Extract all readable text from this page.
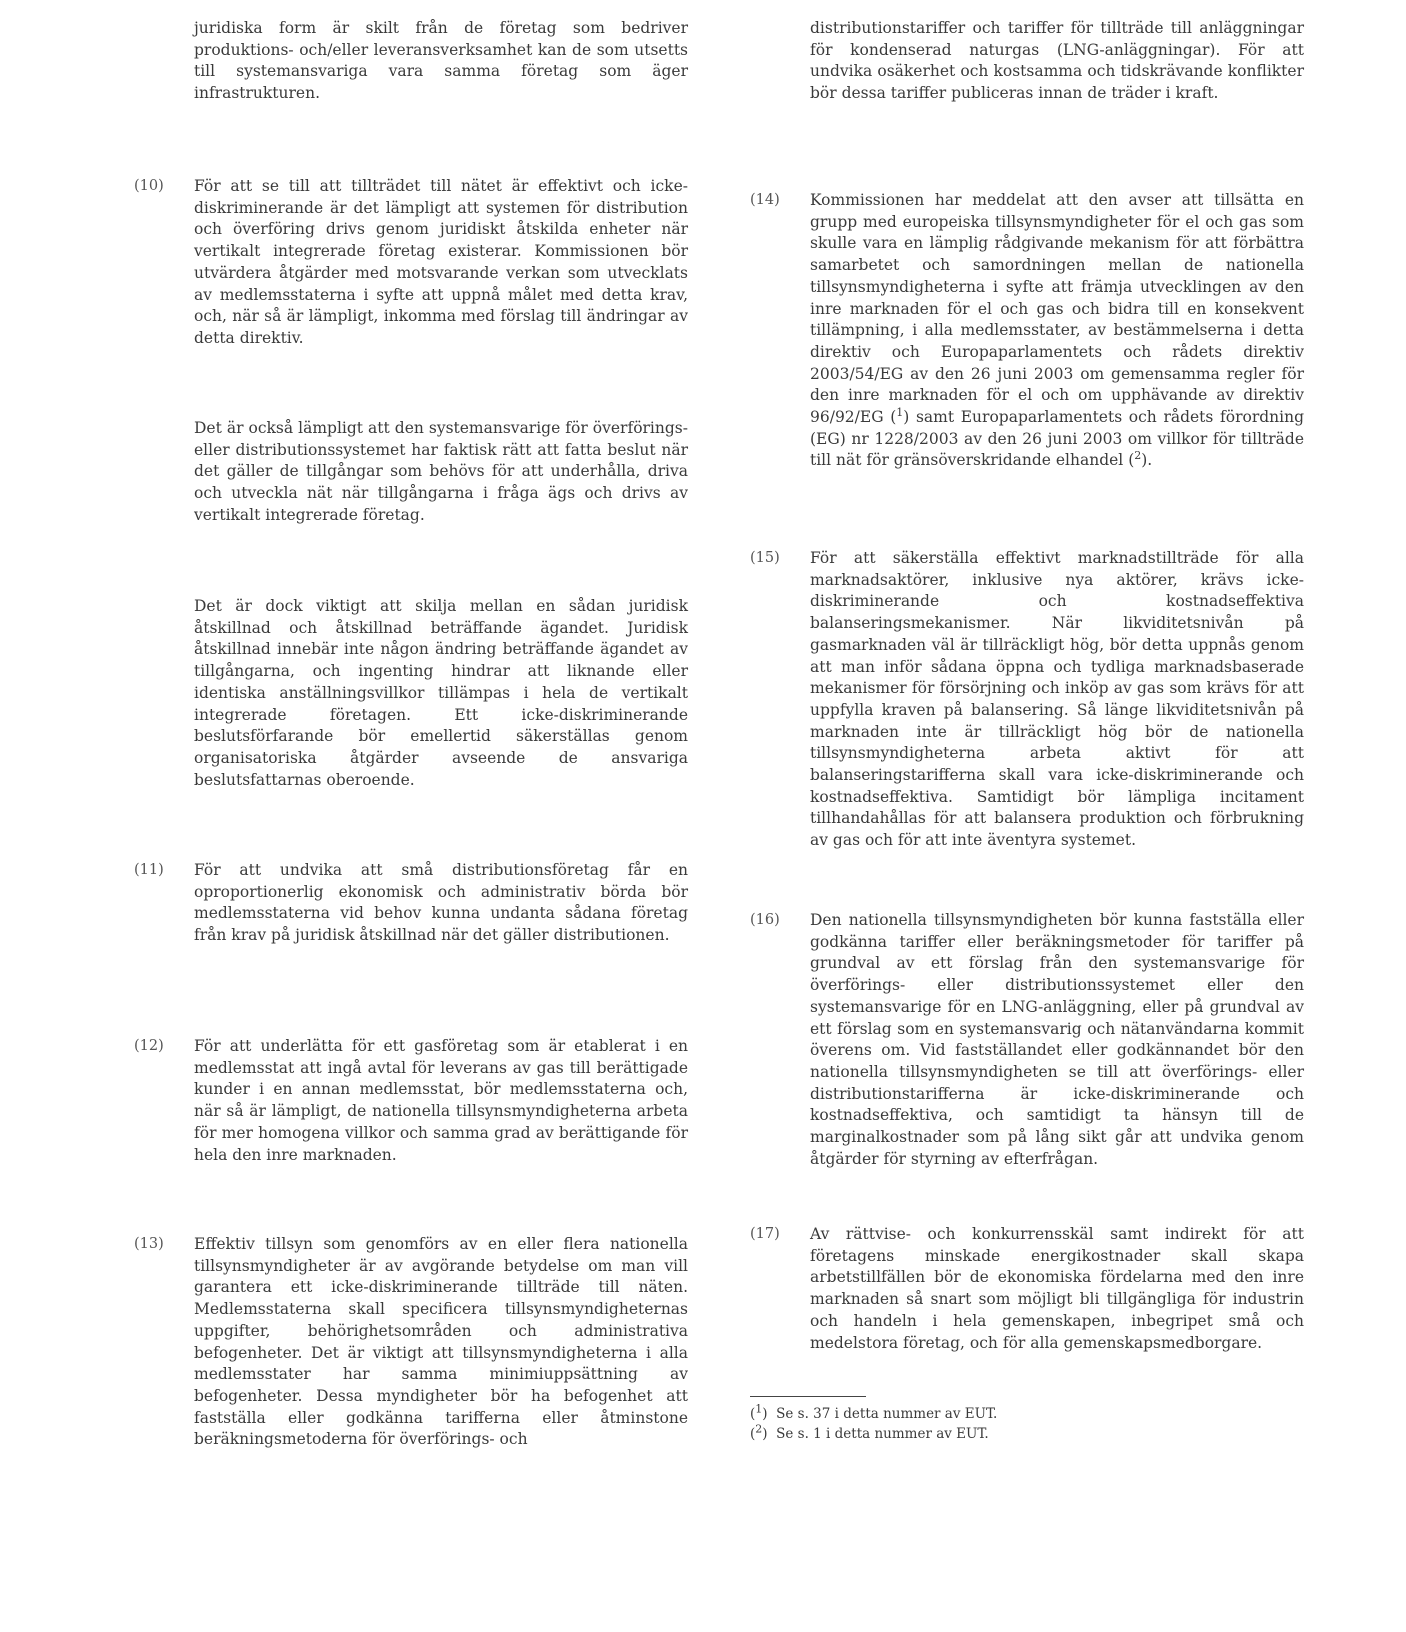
juridiska form är skilt från de företag som bedriver produktions- och/eller leveransverksamhet kan de som utsetts till systemansvariga vara samma företag som äger infrastrukturen.
(10)	För att se till att tillträdet till nätet är effektivt och icke-diskriminerande är det lämpligt att systemen för distribution och överföring drivs genom juridiskt åtskilda enheter när vertikalt integrerade företag existerar. Kommissionen bör utvärdera åtgärder med motsvarande verkan som utvecklats av medlemsstaterna i syfte att uppnå målet med detta krav, och, när så är lämpligt, inkomma med förslag till ändringar av detta direktiv.
Det är också lämpligt att den systemansvarige för överförings- eller distributionssystemet har faktisk rätt att fatta beslut när det gäller de tillgångar som behövs för att underhålla, driva och utveckla nät när tillgångarna i fråga ägs och drivs av vertikalt integrerade företag.
Det är dock viktigt att skilja mellan en sådan juridisk åtskillnad och åtskillnad beträffande ägandet. Juridisk åtskillnad innebär inte någon ändring beträffande ägandet av tillgångarna, och ingenting hindrar att liknande eller identiska anställningsvillkor tillämpas i hela de vertikalt integrerade företagen. Ett icke-diskriminerande beslutsförfarande bör emellertid säkerställas genom organisatoriska åtgärder avseende de ansvariga beslutsfattarnas oberoende.
(11)	För att undvika att små distributionsföretag får en oproportionerlig ekonomisk och administrativ börda bör medlemsstaterna vid behov kunna undanta sådana företag från krav på juridisk åtskillnad när det gäller distributionen.
(12)	För att underlätta för ett gasföretag som är etablerat i en medlemsstat att ingå avtal för leverans av gas till berättigade kunder i en annan medlemsstat, bör medlemsstaterna och, när så är lämpligt, de nationella tillsynsmyndigheterna arbeta för mer homogena villkor och samma grad av berättigande för hela den inre marknaden.
(13)	Effektiv tillsyn som genomförs av en eller flera nationella tillsynsmyndigheter är av avgörande betydelse om man vill garantera ett icke-diskriminerande tillträde till näten. Medlemsstaterna skall specificera tillsynsmyndigheternas uppgifter, behörighetsområden och administrativa befogenheter. Det är viktigt att tillsynsmyndigheterna i alla medlemsstater har samma minimiuppsättning av befogenheter. Dessa myndigheter bör ha befogenhet att fastställa eller godkänna tarifferna eller åtminstone beräkningsmetoderna för överförings- och
distributionstariffer och tariffer för tillträde till anläggningar för kondenserad naturgas (LNG-anläggningar). För att undvika osäkerhet och kostsamma och tidskrävande konflikter bör dessa tariffer publiceras innan de träder i kraft.
(14)	Kommissionen har meddelat att den avser att tillsätta en grupp med europeiska tillsynsmyndigheter för el och gas som skulle vara en lämplig rådgivande mekanism för att förbättra samarbetet och samordningen mellan de nationella tillsynsmyndigheterna i syfte att främja utvecklingen av den inre marknaden för el och gas och bidra till en konsekvent tillämpning, i alla medlemsstater, av bestämmelserna i detta direktiv och Europaparlamentets och rådets direktiv 2003/54/EG av den 26 juni 2003 om gemensamma regler för den inre marknaden för el och om upphävande av direktiv 96/92/EG ($^1$) samt Europaparlamentets och rådets förordning (EG) nr 1228/2003 av den 26 juni 2003 om villkor för tillträde till nät för gränsöverskridande elhandel ($^2$).
(15)	För att säkerställa effektivt marknadstillträde för alla marknadsaktörer, inklusive nya aktörer, krävs icke-diskriminerande och kostnadseffektiva balanseringsmekanismer. När likviditetsnivån på gasmarknaden väl är tillräckligt hög, bör detta uppnås genom att man inför sådana öppna och tydliga marknadsbaserade mekanismer för försörjning och inköp av gas som krävs för att uppfylla kraven på balansering. Så länge likviditetsnivån på marknaden inte är tillräckligt hög bör de nationella tillsynsmyndigheterna arbeta aktivt för att balanseringstarifferna skall vara icke-diskriminerande och kostnadseffektiva. Samtidigt bör lämpliga incitament tillhandahållas för att balansera produktion och förbrukning av gas och för att inte äventyra systemet.
(16)	Den nationella tillsynsmyndigheten bör kunna fastställa eller godkänna tariffer eller beräkningsmetoder för tariffer på grundval av ett förslag från den systemansvarige för överförings- eller distributionssystemet eller den systemansvarige för en LNG-anläggning, eller på grundval av ett förslag som en systemansvarig och nätanvändarna kommit överens om. Vid fastställandet eller godkännandet bör den nationella tillsynsmyndigheten se till att överförings- eller distributionstarifferna är icke-diskriminerande och kostnadseffektiva, och samtidigt ta hänsyn till de marginalkostnader som på lång sikt går att undvika genom åtgärder för styrning av efterfrågan.
(17)	Av rättvise- och konkurrensskäl samt indirekt för att företagens minskade energikostnader skall skapa arbetstillfällen bör de ekonomiska fördelarna med den inre marknaden så snart som möjligt bli tillgängliga för industrin och handeln i hela gemenskapen, inbegripet små och medelstora företag, och för alla gemenskapsmedborgare.
($^1$)  Se s. 37 i detta nummer av EUT.
($^2$)  Se s. 1 i detta nummer av EUT.
